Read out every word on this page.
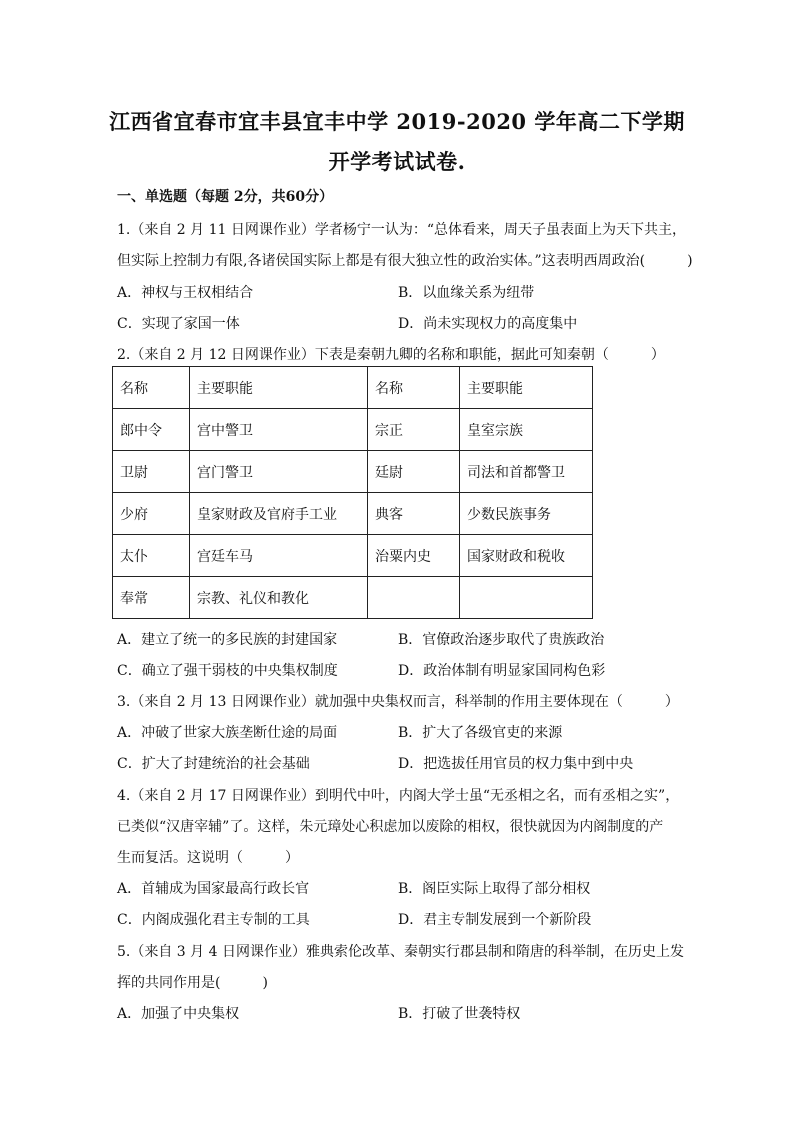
江西省宜春市宜丰县宜丰中学 2019-2020 学年高二下学期
开学考试试卷.
一、单选题（每题 2分，共60分）
1.（来自 2 月 11 日网课作业）学者杨宁一认为：“总体看来，周天子虽表面上为天下共主，
但实际上控制力有限,各诸侯国实际上都是有很大独立性的政治实体。”这表明西周政治(　　　)
A．神权与王权相结合	B．以血缘关系为纽带
C．实现了家国一体	D．尚未实现权力的高度集中
2.（来自 2 月 12 日网课作业）下表是秦朝九卿的名称和职能，据此可知秦朝（　　　）
名称	主要职能	名称	主要职能
郎中令	宫中警卫	宗正	皇室宗族
卫尉	宫门警卫	廷尉	司法和首都警卫
少府	皇家财政及官府手工业	典客	少数民族事务
太仆	宫廷车马	治粟内史	国家财政和税收
奉常	宗教、礼仪和教化		
A．建立了统一的多民族的封建国家	B．官僚政治逐步取代了贵族政治
C．确立了强干弱枝的中央集权制度	D．政治体制有明显家国同构色彩
3.（来自 2 月 13 日网课作业）就加强中央集权而言，科举制的作用主要体现在（　　　）
A．冲破了世家大族垄断仕途的局面	B．扩大了各级官吏的来源
C．扩大了封建统治的社会基础	D．把选拔任用官员的权力集中到中央
4.（来自 2 月 17 日网课作业）到明代中叶，内阁大学士虽“无丞相之名，而有丞相之实”，
已类似“汉唐宰辅”了。这样，朱元璋处心积虑加以废除的相权，很快就因为内阁制度的产
生而复活。这说明（　　　）
A．首辅成为国家最高行政长官	B．阁臣实际上取得了部分相权
C．内阁成强化君主专制的工具	D．君主专制发展到一个新阶段
5.（来自 3 月 4 日网课作业）雅典索伦改革、秦朝实行郡县制和隋唐的科举制，在历史上发
挥的共同作用是(　　　)
A．加强了中央集权	B．打破了世袭特权
